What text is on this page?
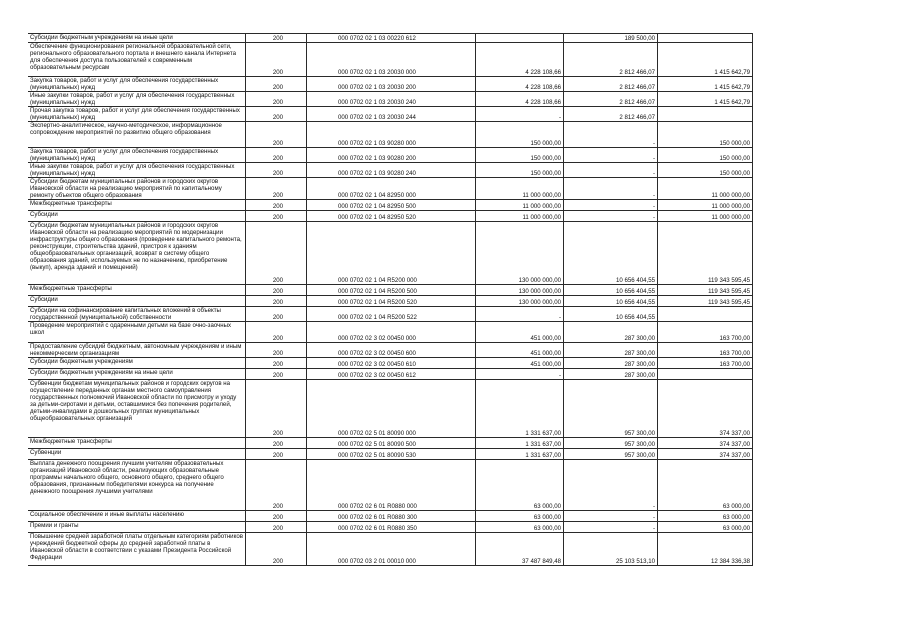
Субсидии бюджетным учреждениям на иные цели	200	000 0702 02 1 03 00220 612		189 500,00	
Обеспечение функционирования региональной образовательной сети, регионального образовательного портала и внешнего канала Интернета для обеспечения доступа пользователей к современным образовательным ресурсам	200	000 0702 02 1 03 20030 000	4 228 108,66	2 812 466,07	1 415 642,79
Закупка товаров, работ и услуг для обеспечения государственных (муниципальных) нужд	200	000 0702 02 1 03 20030 200	4 228 108,66	2 812 466,07	1 415 642,79
Иные закупки товаров, работ и услуг для обеспечения государственных (муниципальных) нужд	200	000 0702 02 1 03 20030 240	4 228 108,66	2 812 466,07	1 415 642,79
Прочая закупка товаров, работ и услуг для обеспечения государственных (муниципальных) нужд	200	000 0702 02 1 03 20030 244	-	2 812 466,07	
Экспертно-аналитическое, научно-методическое, информационное сопровождение мероприятий по развитию общего образования	200	000 0702 02 1 03 90280 000	150 000,00	-	150 000,00
Закупка товаров, работ и услуг для обеспечения государственных (муниципальных) нужд	200	000 0702 02 1 03 90280 200	150 000,00	-	150 000,00
Иные закупки товаров, работ и услуг для обеспечения государственных (муниципальных) нужд	200	000 0702 02 1 03 90280 240	150 000,00	-	150 000,00
Субсидии бюджетам муниципальных районов и городских округов Ивановской области на реализацию мероприятий по капитальному ремонту объектов общего образования	200	000 0702 02 1 04 82950 000	11 000 000,00	-	11 000 000,00
Межбюджетные трансферты	200	000 0702 02 1 04 82950 500	11 000 000,00	-	11 000 000,00
Субсидии	200	000 0702 02 1 04 82950 520	11 000 000,00	-	11 000 000,00
Субсидии бюджетам муниципальных районов и городских округов Ивановской области на реализацию мероприятий по модернизации инфраструктуры общего образования (проведение капитального ремонта, реконструкции, строительства зданий, пристроя к зданиям общеобразовательных организаций, возврат в систему общего образования зданий, используемых не по назначению, приобретение (выкуп), аренда зданий и помещений)	200	000 0702 02 1 04 R5200 000	130 000 000,00	10 656 404,55	119 343 595,45
Межбюджетные трансферты	200	000 0702 02 1 04 R5200 500	130 000 000,00	10 656 404,55	119 343 595,45
Субсидии	200	000 0702 02 1 04 R5200 520	130 000 000,00	10 656 404,55	119 343 595,45
Субсидии на софинансирование капитальных вложений в объекты государственной (муниципальной) собственности	200	000 0702 02 1 04 R5200 522	-	10 656 404,55	
Проведение мероприятий с одаренными детьми на базе очно-заочных школ	200	000 0702 02 3 02 00450 000	451 000,00	287 300,00	163 700,00
Предоставление субсидий бюджетным, автономным учреждениям и иным некоммерческим организациям	200	000 0702 02 3 02 00450 600	451 000,00	287 300,00	163 700,00
Субсидии бюджетным учреждениям	200	000 0702 02 3 02 00450 610	451 000,00	287 300,00	163 700,00
Субсидии бюджетным учреждениям на иные цели	200	000 0702 02 3 02 00450 612	-	287 300,00	
Субвенции бюджетам муниципальных районов и городских округов на осуществление переданных органам местного самоуправления государственных полномочий Ивановской области по присмотру и уходу за детьми-сиротами и детьми, оставшимися без попечения родителей, детьми-инвалидами в дошкольных группах муниципальных общеобразовательных организаций	200	000 0702 02 5 01 80090 000	1 331 637,00	957 300,00	374 337,00
Межбюджетные трансферты	200	000 0702 02 5 01 80090 500	1 331 637,00	957 300,00	374 337,00
Субвенции	200	000 0702 02 5 01 80090 530	1 331 637,00	957 300,00	374 337,00
Выплата денежного поощрения лучшим учителям образовательных организаций Ивановской области, реализующих образовательные программы начального общего, основного общего, среднего общего образования, признанным победителями конкурса на получение денежного поощрения лучшими учителями	200	000 0702 02 6 01 R0880 000	63 000,00	-	63 000,00
Социальное обеспечение и иные выплаты населению	200	000 0702 02 6 01 R0880 300	63 000,00	-	63 000,00
Премии и гранты	200	000 0702 02 6 01 R0880 350	63 000,00	-	63 000,00
Повышение средней заработной платы отдельным категориям работников учреждений бюджетной сферы до средней заработной платы в Ивановской области в соответствии с указами Президента Российской Федерации	200	000 0702 03 2 01 00010 000	37 487 849,48	25 103 513,10	12 384 336,38
